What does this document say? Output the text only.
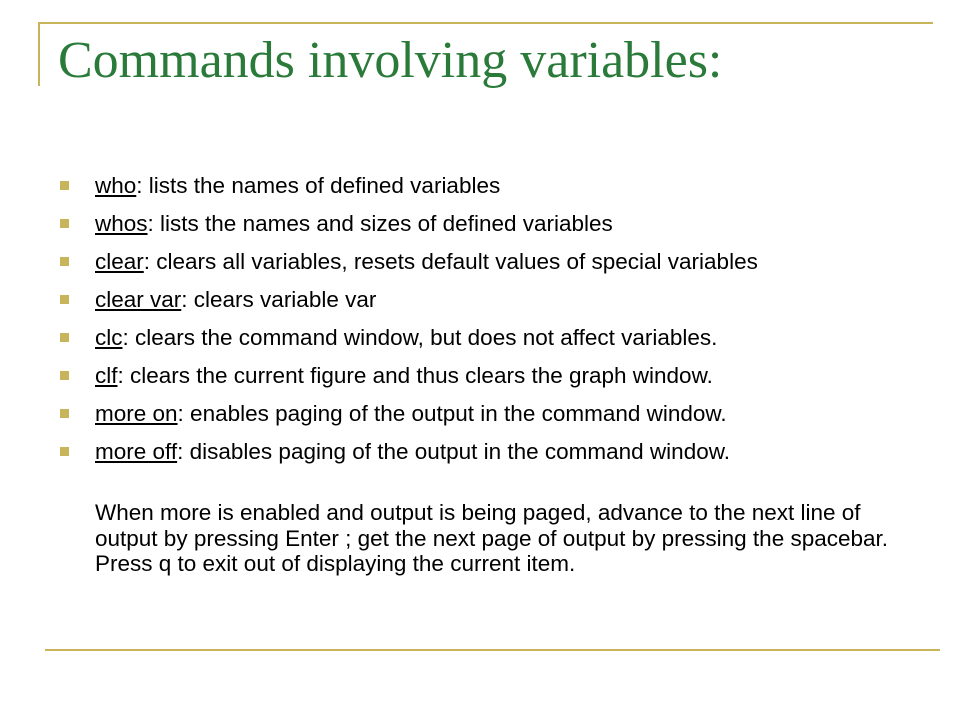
Commands involving variables:
who: lists the names of defined variables
whos: lists the names and sizes of defined variables
clear: clears all variables, resets default values of special variables
clear var: clears variable var
clc: clears the command window, but does not affect variables.
clf: clears the current figure and thus clears the graph window.
more on: enables paging of the output in the command window.
more off: disables paging of the output in the command window.

When more is enabled and output is being paged, advance to the next line of output by pressing Enter ; get the next page of output by pressing the spacebar. Press q to exit out of displaying the current item.
